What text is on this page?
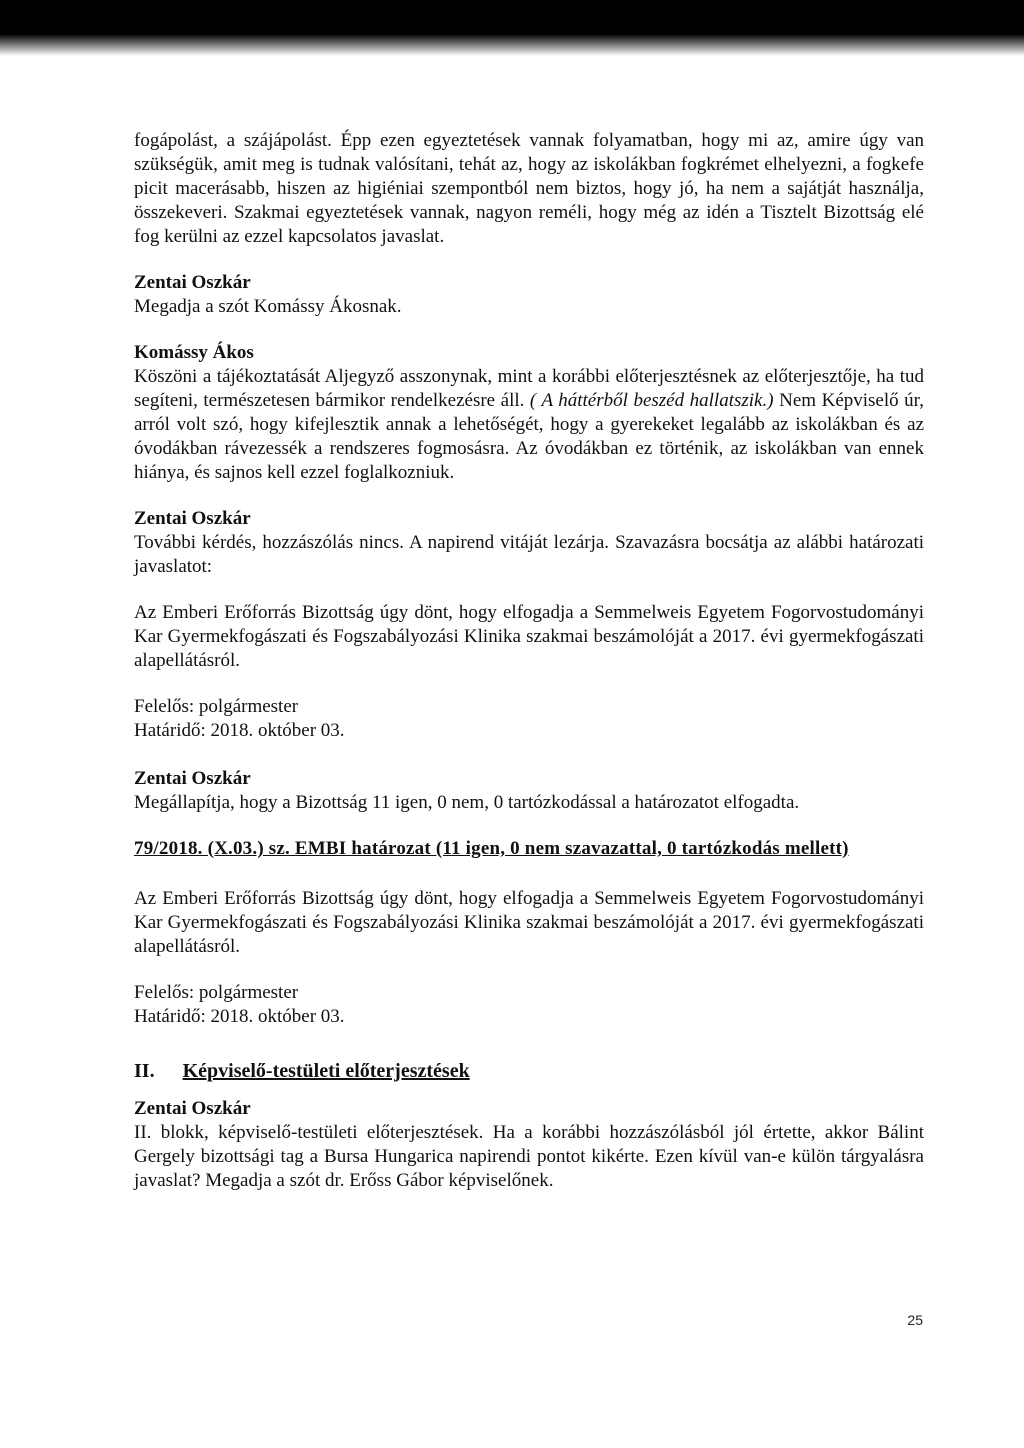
fogápolást, a szájápolást. Épp ezen egyeztetések vannak folyamatban, hogy mi az, amire úgy van szükségük, amit meg is tudnak valósítani, tehát az, hogy az iskolákban fogkrémet elhelyezni, a fogkefe picit macerásabb, hiszen az higiéniai szempontból nem biztos, hogy jó, ha nem a sajátját használja, összekeveri. Szakmai egyeztetések vannak, nagyon reméli, hogy még az idén a Tisztelt Bizottság elé fog kerülni az ezzel kapcsolatos javaslat.

Zentai Oszkár

Megadja a szót Komássy Ákosnak.

Komássy Ákos

Köszöni a tájékoztatását Aljegyző asszonynak, mint a korábbi előterjesztésnek az előterjesztője, ha tud segíteni, természetesen bármikor rendelkezésre áll. ( A háttérből beszéd hallatszik.) Nem Képviselő úr, arról volt szó, hogy kifejlesztik annak a lehetőségét, hogy a gyerekeket legalább az iskolákban és az óvodákban rávezessék a rendszeres fogmosásra. Az óvodákban ez történik, az iskolákban van ennek hiánya, és sajnos kell ezzel foglalkozniuk.

Zentai Oszkár

További kérdés, hozzászólás nincs. A napirend vitáját lezárja. Szavazásra bocsátja az alábbi határozati javaslatot:

Az Emberi Erőforrás Bizottság úgy dönt, hogy elfogadja a Semmelweis Egyetem Fogorvostudományi Kar Gyermekfogászati és Fogszabályozási Klinika szakmai beszámolóját a 2017. évi gyermekfogászati alapellátásról.

Felelős: polgármester

Határidő: 2018. október 03.

Zentai Oszkár

Megállapítja, hogy a Bizottság 11 igen, 0 nem, 0 tartózkodással a határozatot elfogadta.

79/2018. (X.03.) sz. EMBI határozat (11 igen, 0 nem szavazattal, 0 tartózkodás mellett)

Az Emberi Erőforrás Bizottság úgy dönt, hogy elfogadja a Semmelweis Egyetem Fogorvostudományi Kar Gyermekfogászati és Fogszabályozási Klinika szakmai beszámolóját a 2017. évi gyermekfogászati alapellátásról.

Felelős: polgármester

Határidő: 2018. október 03.

II. Képviselő-testületi előterjesztések
Zentai Oszkár

II. blokk, képviselő-testületi előterjesztések. Ha a korábbi hozzászólásból jól értette, akkor Bálint Gergely bizottsági tag a Bursa Hungarica napirendi pontot kikérte. Ezen kívül van-e külön tárgyalásra javaslat? Megadja a szót dr. Erőss Gábor képviselőnek.

25
